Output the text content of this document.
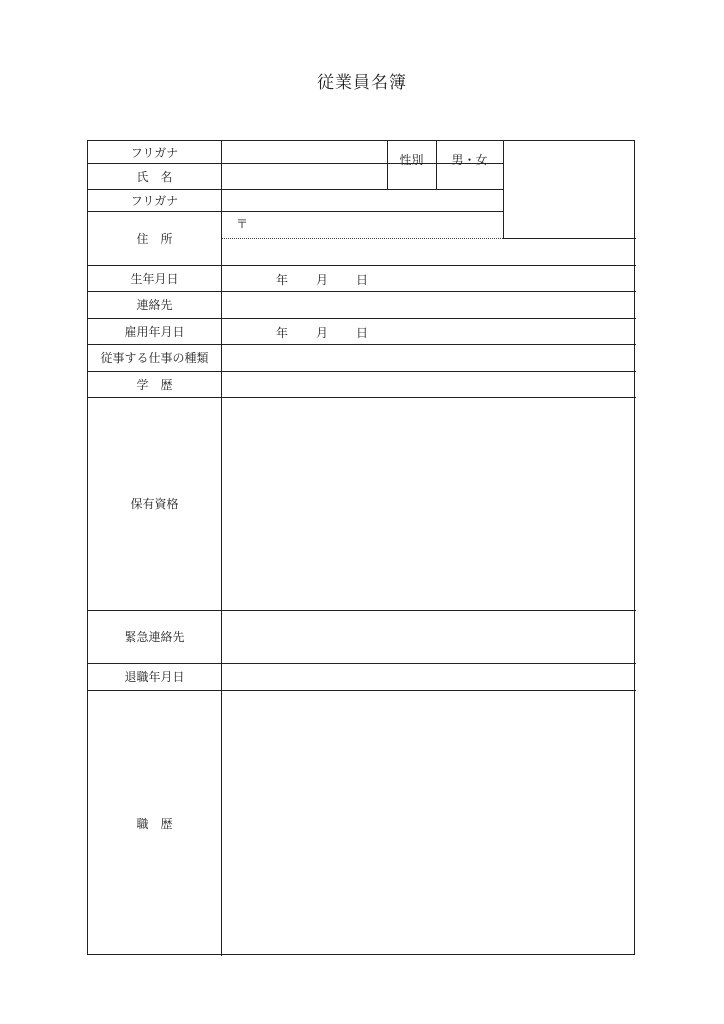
従業員名簿
フリガナ
氏　名
性別	男・女
フリガナ
住　所
〒
生年月日	年 月 日
連絡先
雇用年月日	年 月 日
従事する仕事の種類
学　歴
保有資格
緊急連絡先
退職年月日
職　歴
